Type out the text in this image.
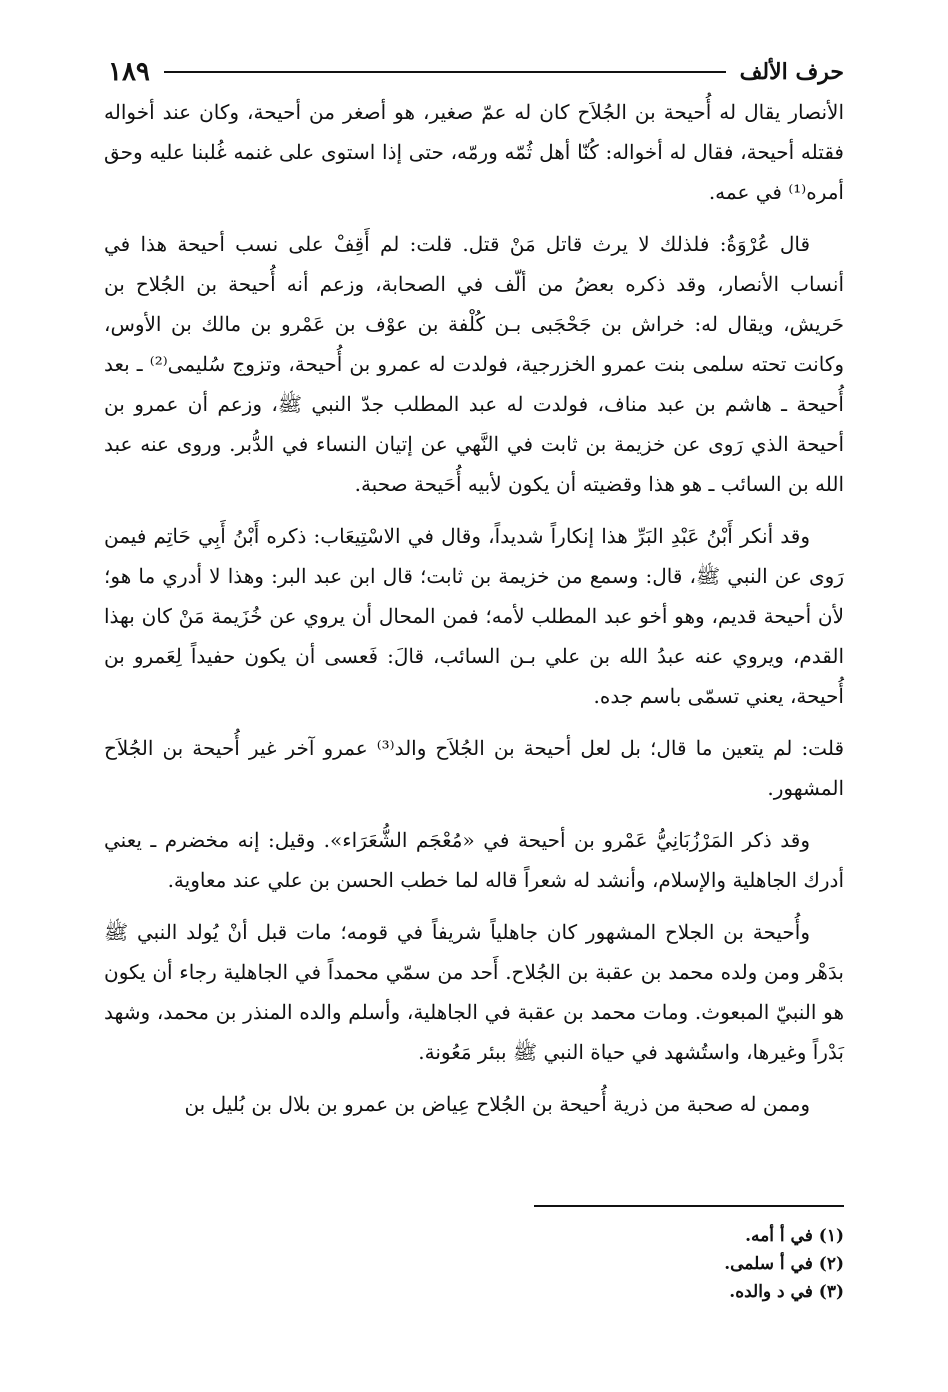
حرف الألف
١٨٩

الأنصار يقال له أُحيحة بن الجُلاَح كان له عمّ صغير، هو أصغر من أحيحة، وكان عند أخواله فقتله أحيحة، فقال له أخواله: كُنّا أهل ثُمّه ورمّه، حتى إذا استوى على غنمه غُلبنا عليه وحق أمره⁽¹⁾ في عمه.

قال عُرْوَةُ: فلذلك لا يرث قاتل مَنْ قتل. قلت: لم أَقِفْ على نسب أحيحة هذا في أنساب الأنصار، وقد ذكره بعضُ من ألّف في الصحابة، وزعم أنه أُحيحة بن الجُلاح بن حَريش، ويقال له: خراش بن جَحْجَبى بـن كُلْفة بن عوْف بن عَمْرو بن مالك بن الأوس، وكانت تحته سلمى بنت عمرو الخزرجية، فولدت له عمرو بن أُحيحة، وتزوج سُليمى⁽²⁾ ـ بعد أُحيحة ـ هاشم بن عبد مناف، فولدت له عبد المطلب جدّ النبي ﷺ، وزعم أن عمرو بن أحيحة الذي رَوى عن خزيمة بن ثابت في النَّهي عن إتيان النساء في الدُّبر. وروى عنه عبد الله بن السائب ـ هو هذا وقضيته أن يكون لأبيه أُحَيحة صحبة.

وقد أنكر أَبْنُ عَبْدِ البَرِّ هذا إنكاراً شديداً، وقال في الاسْتِيعَاب: ذكره أَبْنُ أَبِي حَاتِم فيمن رَوى عن النبي ﷺ، قال: وسمع من خزيمة بن ثابت؛ قال ابن عبد البر: وهذا لا أدري ما هو؛ لأن أحيحة قديم، وهو أخو عبد المطلب لأمه؛ فمن المحال أن يروي عن خُزَيمة مَنْ كان بهذا القدم، ويروي عنه عبدُ الله بن علي بـن السائب، قالَ: فَعسى أن يكون حفيداً لِعَمرو بن أُحيحة، يعني تسمّى باسم جده.

قلت: لم يتعين ما قال؛ بل لعل أحيحة بن الجُلاَح والد⁽³⁾ عمرو آخر غير أُحيحة بن الجُلاَح المشهور.

وقد ذكر المَرْزُبَانِيُّ عَمْرو بن أحيحة في «مُعْجَم الشُّعَرَاء». وقيل: إنه مخضرم ـ يعني أدرك الجاهلية والإسلام، وأنشد له شعراً قاله لما خطب الحسن بن علي عند معاوية.

وأُحيحة بن الجلاح المشهور كان جاهلياً شريفاً في قومه؛ مات قبل أنْ يُولد النبي ﷺ بدَهْر ومن ولده محمد بن عقبة بن الجُلاح. أَحد من سمّي محمداً في الجاهلية رجاء أن يكون هو النبيّ المبعوث. ومات محمد بن عقبة في الجاهلية، وأسلم والده المنذر بن محمد، وشهد بَدْراً وغيرها، واستُشهد في حياة النبي ﷺ ببئر مَعُونة.

وممن له صحبة من ذرية أُحيحة بن الجُلاح عِياض بن عمرو بن بلال بن بُليل بن

(١) في أ أمه.

(٢) في أ سلمى.

(٣) في د والده.
